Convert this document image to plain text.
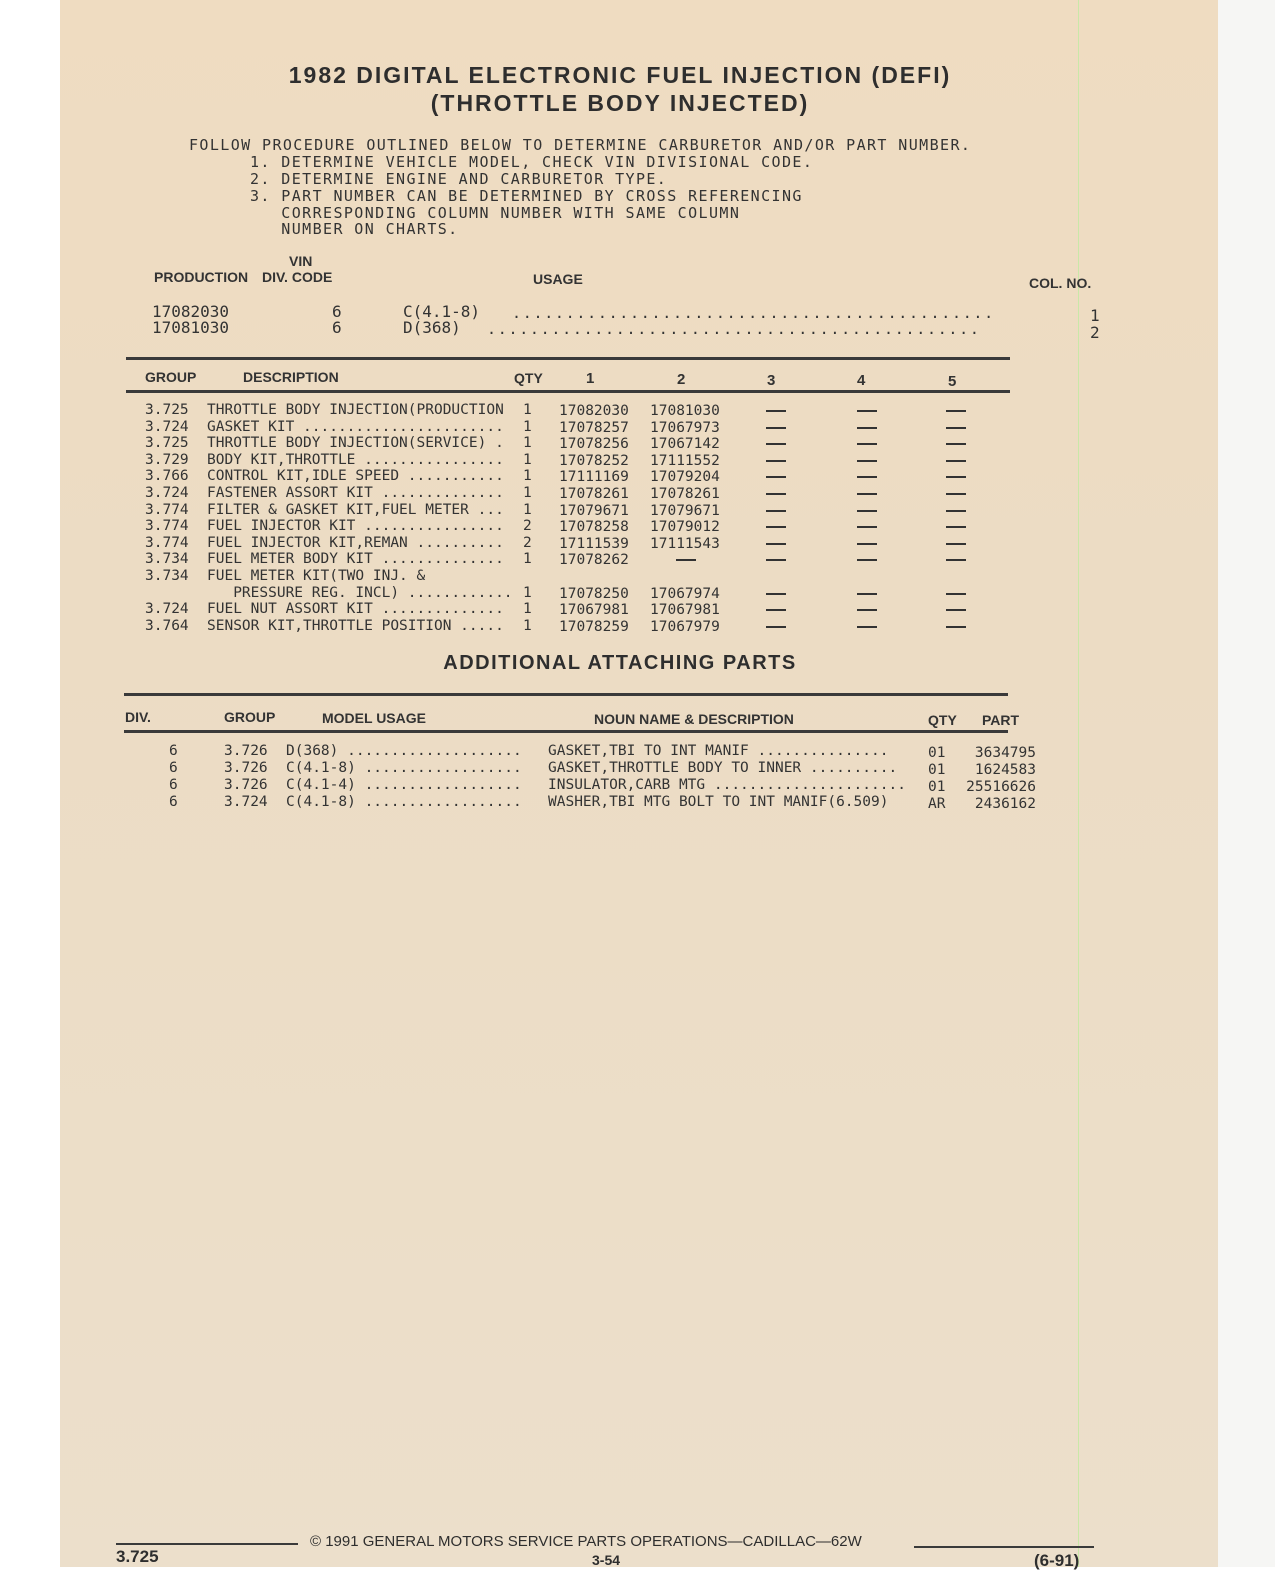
1982 DIGITAL ELECTRONIC FUEL INJECTION (DEFI)
(THROTTLE BODY INJECTED)
FOLLOW PROCEDURE OUTLINED BELOW TO DETERMINE CARBURETOR AND/OR PART NUMBER.
1. DETERMINE VEHICLE MODEL, CHECK VIN DIVISIONAL CODE.
2. DETERMINE ENGINE AND CARBURETOR TYPE.
3. PART NUMBER CAN BE DETERMINED BY CROSS REFERENCING
CORRESPONDING COLUMN NUMBER WITH SAME COLUMN
NUMBER ON CHARTS.
VIN
PRODUCTION DIV. CODE	USAGE	COL. NO.
17082030	6	C(4.1-8) .............................................	1
17081030	6	D(368) ..............................................	2
GROUP	DESCRIPTION	QTY	1	2	3	4	5
3.725 THROTTLE BODY INJECTION(PRODUCTION 1 17082030 17081030
3.724 GASKET KIT ....................... 1 17078257 17067973
3.725 THROTTLE BODY INJECTION(SERVICE) . 1 17078256 17067142
3.729 BODY KIT,THROTTLE ................ 1 17078252 17111552
3.766 CONTROL KIT,IDLE SPEED ........... 1 17111169 17079204
3.724 FASTENER ASSORT KIT .............. 1 17078261 17078261
3.774 FILTER & GASKET KIT,FUEL METER ... 1 17079671 17079671
3.774 FUEL INJECTOR KIT ................ 2 17078258 17079012
3.774 FUEL INJECTOR KIT,REMAN .......... 2 17111539 17111543
3.734 FUEL METER BODY KIT .............. 1 17078262
3.734 FUEL METER KIT(TWO INJ. &
PRESSURE REG. INCL) ............ 1 17078250 17067974
3.724 FUEL NUT ASSORT KIT .............. 1 17067981 17067981
3.764 SENSOR KIT,THROTTLE POSITION ..... 1 17078259 17067979
ADDITIONAL ATTACHING PARTS
DIV.	GROUP	MODEL USAGE	NOUN NAME & DESCRIPTION	QTY PART
6	3.726 D(368) .................... GASKET,TBI TO INT MANIF ...............	01 3634795
6	3.726 C(4.1-8) .................. GASKET,THROTTLE BODY TO INNER .......... 01 1624583
6	3.726 C(4.1-4) .................. INSULATOR,CARB MTG ...................... 01 25516626
6	3.724 C(4.1-8) .................. WASHER,TBI MTG BOLT TO INT MANIF(6.509)	AR 2436162
© 1991 GENERAL MOTORS SERVICE PARTS OPERATIONS—CADILLAC—62W
3.725	3-54	(6-91)
